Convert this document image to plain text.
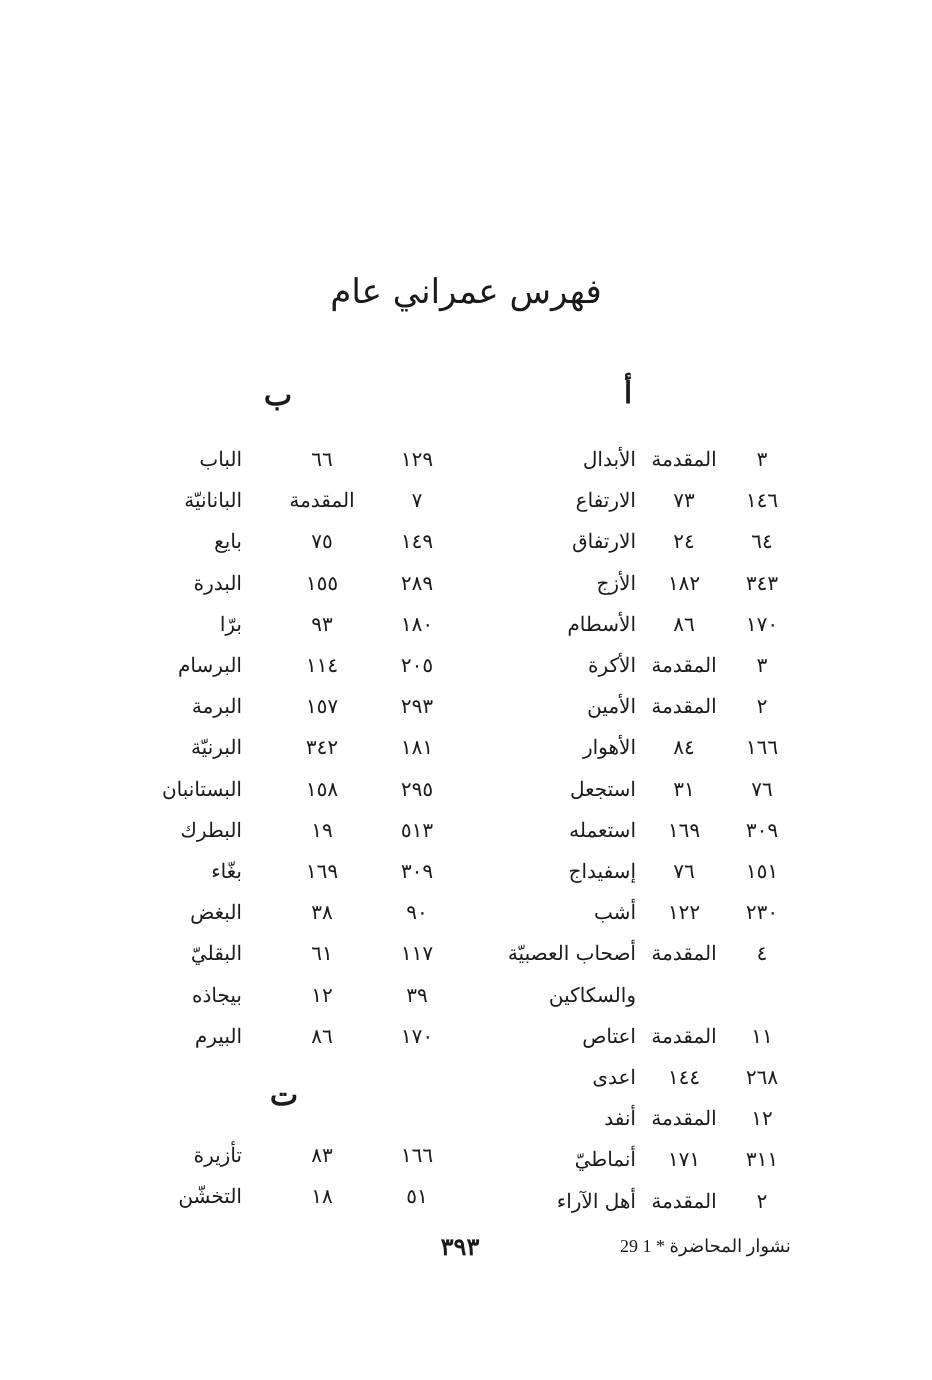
فهرس عمراني عام
أ
ب
ت
٣
المقدمة
الأبدال
١٤٦
٧٣
الارتفاع
٦٤
٢٤
الارتفاق
٣٤٣
١٨٢
الأزج
١٧٠
٨٦
الأسطام
٣
المقدمة
الأكرة
٢
المقدمة
الأمين
١٦٦
٨٤
الأهوار
٧٦
٣١
استجعل
٣٠٩
١٦٩
استعمله
١٥١
٧٦
إسفيداج
٢٣٠
١٢٢
أشب
٤
المقدمة
أصحاب العصبيّة
والسكاكين
١١
المقدمة
اعتاص
٢٦٨
١٤٤
اعدى
١٢
المقدمة
أنفد
٣١١
١٧١
أنماطيّ
٢
المقدمة
أهل الآراء
١٢٩
٦٦
الباب
٧
المقدمة
البانانيّة
١٤٩
٧٥
بايع
٢٨٩
١٥٥
البدرة
١٨٠
٩٣
برّا
٢٠٥
١١٤
البرسام
٢٩٣
١٥٧
البرمة
١٨١
٣٤٢
البرنيّة
٢٩٥
١٥٨
البستانبان
٥١٣
١٩
البطرك
٣٠٩
١٦٩
بغّاء
٩٠
٣٨
البغض
١١٧
٦١
البقليّ
٣٩
١٢
بيجاذه
١٧٠
٨٦
البيرم
١٦٦
٨٣
تأزيرة
٥١
١٨
التخشّن
29 نشوار المحاضرة * 1
٣٩٣
